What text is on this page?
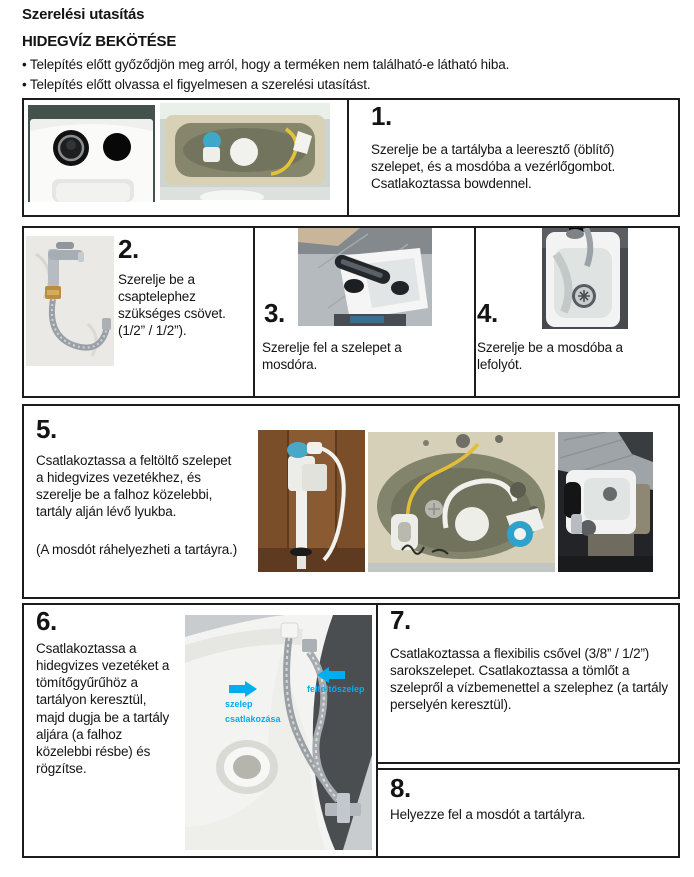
Szerelési utasítás
HIDEGVÍZ BEKÖTÉSE
• Telepítés előtt győződjön meg arról, hogy a terméken nem található-e látható hiba.
• Telepítés előtt olvassa el figyelmesen a szerelési utasítást.
1.
Szerelje be a tartályba a leeresztő (öblítő) szelepet, és a mosdóba a vezérlőgombot. Csatlakoztassa bowdennel.
2.
Szerelje be a csaptelephez szükséges csövet. (1/2” / 1/2”).
3.
Szerelje fel a szelepet a mosdóra.
4.
Szerelje be a mosdóba a lefolyót.
5.
Csatlakoztassa a feltöltő szelepet a hidegvizes vezetékhez, és szerelje be a falhoz közelebbi, tartály alján lévő lyukba.
(A mosdót ráhelyezheti a tartáyra.)
6.
Csatlakoztassa a hidegvizes vezetéket a tömítőgyűrűhöz a tartályon keresztül, majd dugja be a tartály aljára (a falhoz közelebbi résbe) és rögzítse.
szelep
csatlakozása
feltöltőszelep
7.
Csatlakoztassa a flexibilis csővel (3/8” / 1/2”) sarokszelepet. Csatlakoztassa a tömlőt a szelepről a vízbemenettel a szelephez (a tartály perselyén keresztül).
8.
Helyezze fel a mosdót a tartályra.
